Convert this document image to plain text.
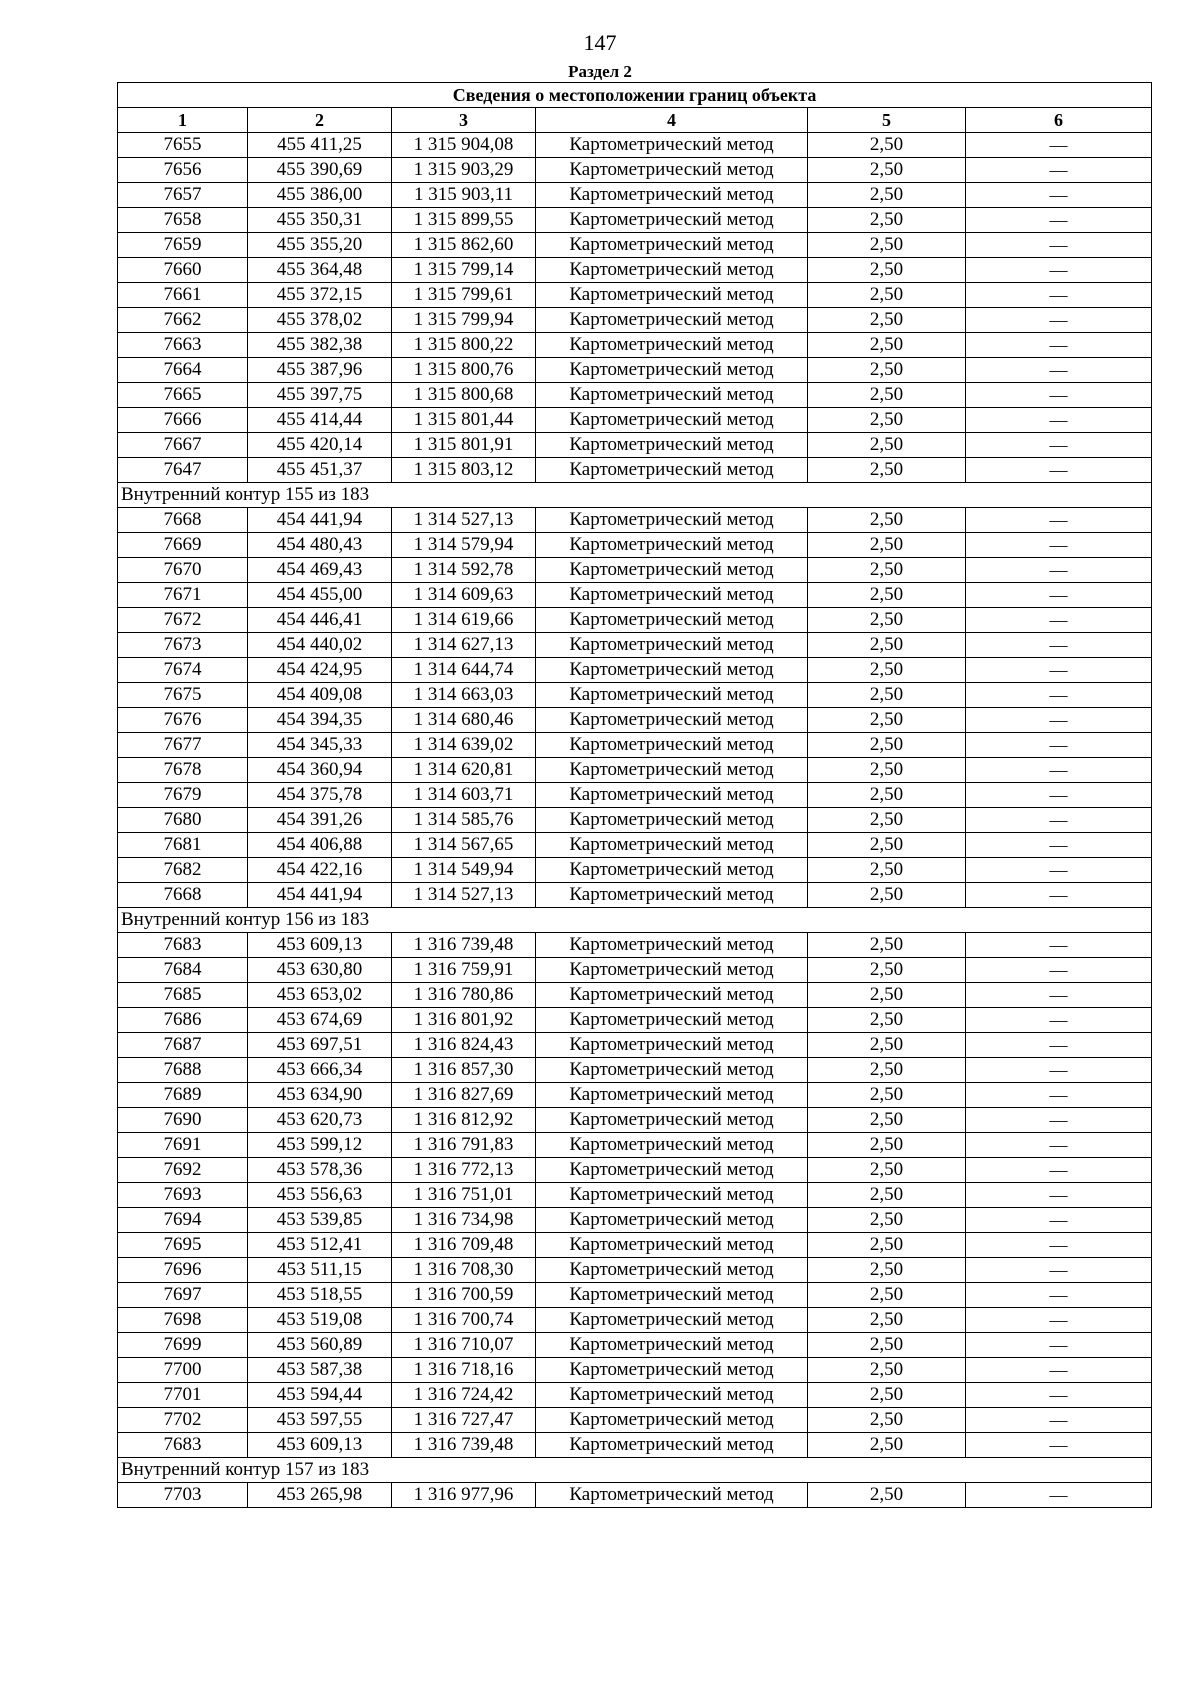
147
Раздел 2
Сведения о местоположении границ объекта					
1	2	3	4	5	6
7655	455 411,25	1 315 904,08	Картометрический метод	2,50	—
7656	455 390,69	1 315 903,29	Картометрический метод	2,50	—
7657	455 386,00	1 315 903,11	Картометрический метод	2,50	—
7658	455 350,31	1 315 899,55	Картометрический метод	2,50	—
7659	455 355,20	1 315 862,60	Картометрический метод	2,50	—
7660	455 364,48	1 315 799,14	Картометрический метод	2,50	—
7661	455 372,15	1 315 799,61	Картометрический метод	2,50	—
7662	455 378,02	1 315 799,94	Картометрический метод	2,50	—
7663	455 382,38	1 315 800,22	Картометрический метод	2,50	—
7664	455 387,96	1 315 800,76	Картометрический метод	2,50	—
7665	455 397,75	1 315 800,68	Картометрический метод	2,50	—
7666	455 414,44	1 315 801,44	Картометрический метод	2,50	—
7667	455 420,14	1 315 801,91	Картометрический метод	2,50	—
7647	455 451,37	1 315 803,12	Картометрический метод	2,50	—
Внутренний контур 155 из 183					
7668	454 441,94	1 314 527,13	Картометрический метод	2,50	—
7669	454 480,43	1 314 579,94	Картометрический метод	2,50	—
7670	454 469,43	1 314 592,78	Картометрический метод	2,50	—
7671	454 455,00	1 314 609,63	Картометрический метод	2,50	—
7672	454 446,41	1 314 619,66	Картометрический метод	2,50	—
7673	454 440,02	1 314 627,13	Картометрический метод	2,50	—
7674	454 424,95	1 314 644,74	Картометрический метод	2,50	—
7675	454 409,08	1 314 663,03	Картометрический метод	2,50	—
7676	454 394,35	1 314 680,46	Картометрический метод	2,50	—
7677	454 345,33	1 314 639,02	Картометрический метод	2,50	—
7678	454 360,94	1 314 620,81	Картометрический метод	2,50	—
7679	454 375,78	1 314 603,71	Картометрический метод	2,50	—
7680	454 391,26	1 314 585,76	Картометрический метод	2,50	—
7681	454 406,88	1 314 567,65	Картометрический метод	2,50	—
7682	454 422,16	1 314 549,94	Картометрический метод	2,50	—
7668	454 441,94	1 314 527,13	Картометрический метод	2,50	—
Внутренний контур 156 из 183					
7683	453 609,13	1 316 739,48	Картометрический метод	2,50	—
7684	453 630,80	1 316 759,91	Картометрический метод	2,50	—
7685	453 653,02	1 316 780,86	Картометрический метод	2,50	—
7686	453 674,69	1 316 801,92	Картометрический метод	2,50	—
7687	453 697,51	1 316 824,43	Картометрический метод	2,50	—
7688	453 666,34	1 316 857,30	Картометрический метод	2,50	—
7689	453 634,90	1 316 827,69	Картометрический метод	2,50	—
7690	453 620,73	1 316 812,92	Картометрический метод	2,50	—
7691	453 599,12	1 316 791,83	Картометрический метод	2,50	—
7692	453 578,36	1 316 772,13	Картометрический метод	2,50	—
7693	453 556,63	1 316 751,01	Картометрический метод	2,50	—
7694	453 539,85	1 316 734,98	Картометрический метод	2,50	—
7695	453 512,41	1 316 709,48	Картометрический метод	2,50	—
7696	453 511,15	1 316 708,30	Картометрический метод	2,50	—
7697	453 518,55	1 316 700,59	Картометрический метод	2,50	—
7698	453 519,08	1 316 700,74	Картометрический метод	2,50	—
7699	453 560,89	1 316 710,07	Картометрический метод	2,50	—
7700	453 587,38	1 316 718,16	Картометрический метод	2,50	—
7701	453 594,44	1 316 724,42	Картометрический метод	2,50	—
7702	453 597,55	1 316 727,47	Картометрический метод	2,50	—
7683	453 609,13	1 316 739,48	Картометрический метод	2,50	—
Внутренний контур 157 из 183					
7703	453 265,98	1 316 977,96	Картометрический метод	2,50	—
